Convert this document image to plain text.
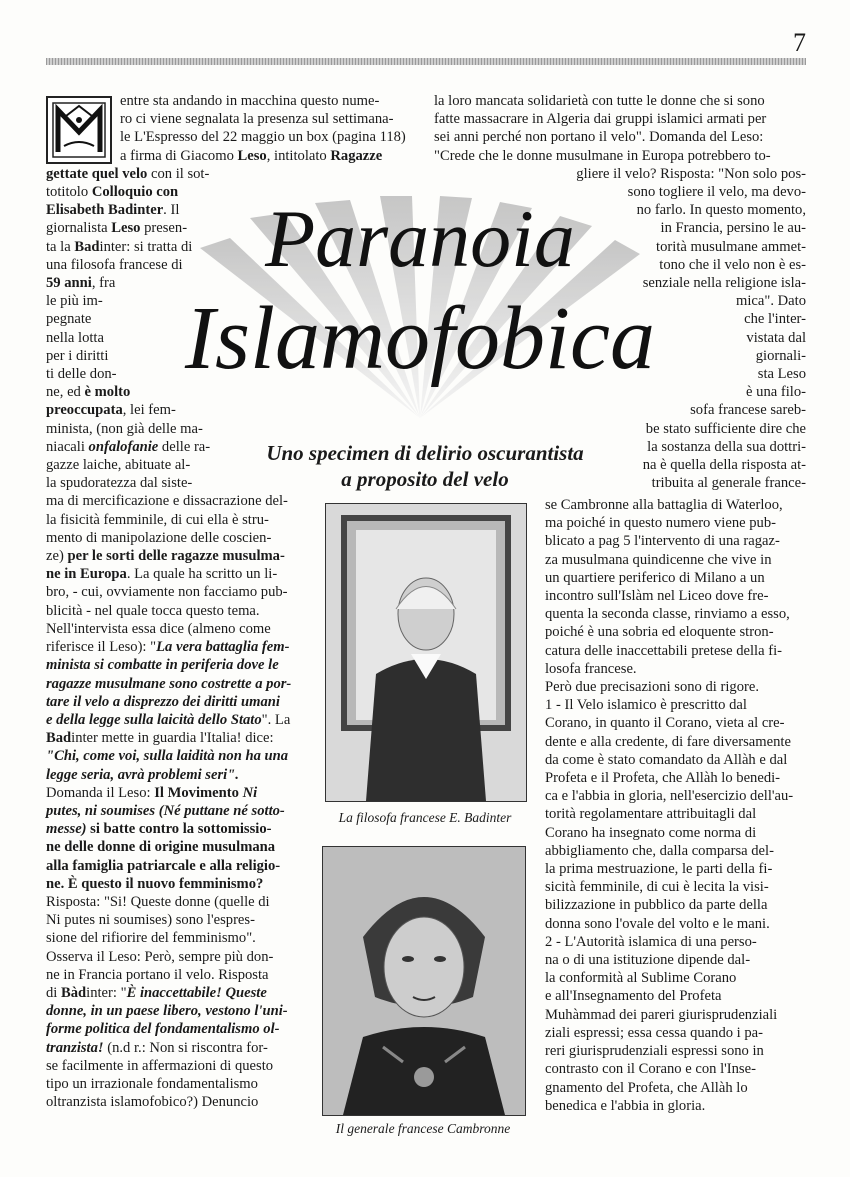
7

entre sta andando in macchina questo nume-

ro ci viene segnalata la presenza sul settimana-

le L'Espresso del 22 maggio un box (pagina 118)

a firma di Giacomo Leso, intitolato Ragazze

gettate quel velo con il sot-

totitolo Colloquio con

Elisabeth Badinter. Il

giornalista Leso presen-

ta la Badinter: si tratta di

una filosofa francese di

59 anni, fra

le più im-

pegnate

nella lotta

per i diritti

ti delle don-

ne, ed è molto

preoccupata, lei fem-

minista, (non già delle ma-

niacali onfalofanie delle ra-

gazze laiche, abituate al-

la spudoratezza dal siste-

ma di mercificazione e dissacrazione del-

la fisicità femminile, di cui ella è stru-

mento di manipolazione delle coscien-

ze) per le sorti delle ragazze musulma-

ne in Europa. La quale ha scritto un li-

bro, - cui, ovviamente non facciamo pub-

blicità - nel quale tocca questo tema.

Nell'intervista essa dice (almeno come

riferisce il Leso): "La vera battaglia fem-

minista si combatte in periferia dove le

ragazze musulmane sono costrette a por-

tare il velo a disprezzo dei diritti umani

e della legge sulla laicità dello Stato". La

Badinter mette in guardia l'Italia! dice:

"Chi, come voi, sulla laidità non ha una

legge seria, avrà problemi seri".

Domanda il Leso: Il Movimento Ni

putes, ni soumises (Né puttane né sotto-

messe) si batte contro la sottomissio-

ne delle donne di origine musulmana

alla famiglia patriarcale e alla religio-

ne. È questo il nuovo femminismo?

Risposta: "Si! Queste donne (quelle di

Ni putes ni soumises) sono l'espres-

sione del rifiorire del femminismo".

Osserva il Leso: Però, sempre più don-

ne in Francia portano il velo. Risposta

di Bàdinter: "È inaccettabile! Queste

donne, in un paese libero, vestono l'uni-

forme politica del fondamentalismo ol-

tranzista! (n.d r.: Non si riscontra for-

se facilmente in affermazioni di questo

tipo un irrazionale fondamentalismo

oltranzista islamofobico?) Denuncio

la loro mancata solidarietà con tutte le donne che si sono

fatte massacrare in Algeria dai gruppi islamici armati per

sei anni perché non portano il velo". Domanda del Leso:

"Crede che le donne musulmane in Europa potrebbero to-

gliere il velo? Risposta: "Non solo pos-

sono togliere il velo, ma devo-

no farlo. In questo momento,

in Francia, persino le au-

torità musulmane ammet-

tono che il velo non è es-

senziale nella religione isla-

mica". Dato

che l'inter-

vistata dal

giornali-

sta Leso

è una filo-

sofa francese sareb-

be stato sufficiente dire che

la sostanza della sua dottri-

na è quella della risposta at-

tribuita al generale france-

se Cambronne alla battaglia di Waterloo,

ma poiché in questo numero viene pub-

blicato a pag 5 l'intervento di una ragaz-

za musulmana quindicenne che vive in

un quartiere periferico di Milano a un

incontro sull'Islàm nel Liceo dove fre-

quenta la seconda classe, rinviamo a esso,

poiché è una sobria ed eloquente stron-

catura delle inaccettabili pretese della fi-

losofa francese.

Però due precisazioni sono di rigore.

1 - Il Velo islamico è prescritto dal

Corano, in quanto il Corano, vieta al cre-

dente e alla credente, di fare diversamente

da come è stato comandato da Allàh e dal

Profeta e il Profeta, che Allàh lo benedi-

ca e l'abbia in gloria, nell'esercizio dell'au-

torità regolamentare attribuitagli dal

Corano ha insegnato come norma di

abbigliamento che, dalla comparsa del-

la prima mestruazione, le parti della fi-

sicità femminile, di cui è lecita la visi-

bilizzazione in pubblico da parte della

donna sono l'ovale del volto e le mani.

2 - L'Autorità islamica di una perso-

na o di una istituzione dipende dal-

la conformità al Sublime Corano

e all'Insegnamento del Profeta

Muhàmmad dei pareri giurisprudenziali

ziali espressi; essa cessa quando i pa-

reri giurisprudenziali espressi sono in

contrasto con il Corano e con l'Inse-

gnamento del Profeta, che Allàh lo

benedica e l'abbia in gloria.

Paranoia
Islamofobica
Uno specimen di delirio oscurantista
a proposito del velo
La filosofa francese E. Badinter
Il generale francese Cambronne
